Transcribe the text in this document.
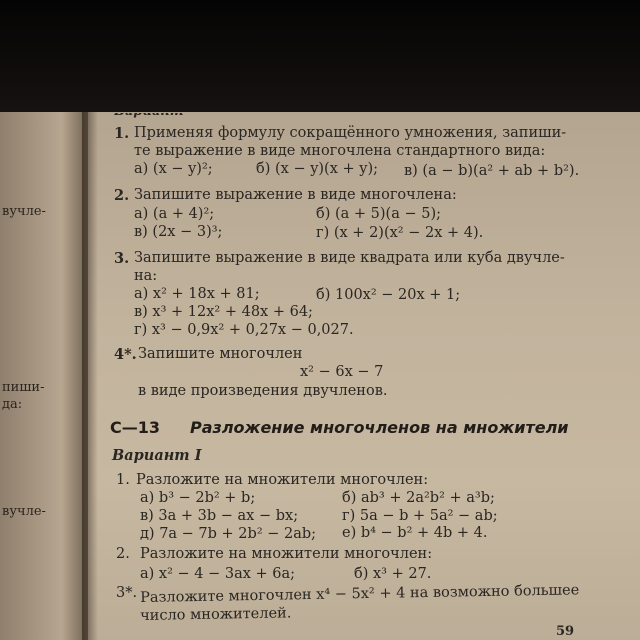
вучле-
пиши-
да:
вучле-
1. Применяя формулу сокращённого умножения, запиши-
те выражение в виде многочлена стандартного вида:
а) (x − y)²;	б) (x − y)(x + y); в) (a − b)(a² + ab + b²).
2. Запишите выражение в виде многочлена:
а) (a + 4)²;	б) (a + 5)(a − 5);
в) (2x − 3)³;	г) (x + 2)(x² − 2x + 4).
3. Запишите выражение в виде квадрата или куба двучле-
на:
а) x² + 18x + 81;	б) 100x² − 20x + 1;
в) x³ + 12x² + 48x + 64;
г) x³ − 0,9x² + 0,27x − 0,027.
4*. Запишите многочлен
x² − 6x − 7
в виде произведения двучленов.
С—13 Разложение многочленов на множители
Вариант I
1. Разложите на множители многочлен:
а) b³ − 2b² + b;	б) ab³ + 2a²b² + a³b;
в) 3a + 3b − ax − bx;	г) 5a − b + 5a² − ab;
д) 7a − 7b + 2b² − 2ab; е) b⁴ − b² + 4b + 4.
2. Разложите на множители многочлен:
а) x² − 4 − 3ax + 6a;	б) x³ + 27.
3*. Разложите многочлен x⁴ − 5x² + 4 на возможно большее
число множителей.
59
